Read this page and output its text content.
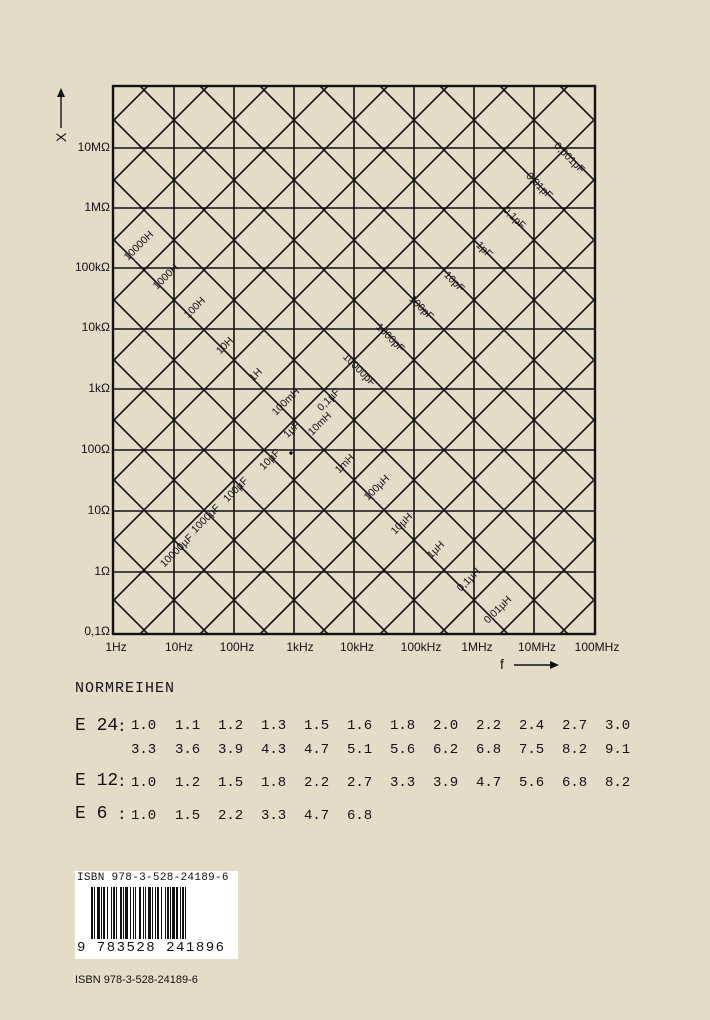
X
f
10MΩ
1MΩ
100kΩ
10kΩ
1kΩ
100Ω
10Ω
1Ω
0,1Ω
1Hz	10Hz 100Hz	1kHz 10kHz 100kHz 1MHz 10MHz 100MHz
10000H
1000H
100H
10H
1H
100mH
10mH
1mH
100µH
10µH
1µH
0,1µH
0,01µH
0,001pF
0,01pF
0,1pF
1pF
10pF
100pF
1000pF
10000pF
0,1µF
1µF
10µF
100µF
1000µF
10000µF
NORMREIHEN
E 24
:
E 12
:
E 6 :
1.0 1.1 1.2 1.3 1.5 1.6 1.8 2.0 2.2 2.4 2.7 3.0
3.3 3.6 3.9 4.3 4.7 5.1 5.6 6.2 6.8 7.5 8.2 9.1
1.0 1.2 1.5 1.8 2.2 2.7 3.3 3.9 4.7 5.6 6.8 8.2
1.0 1.5 2.2 3.3 4.7 6.8
ISBN 978-3-528-24189-6
9 783528 241896
ISBN 978-3-528-24189-6
